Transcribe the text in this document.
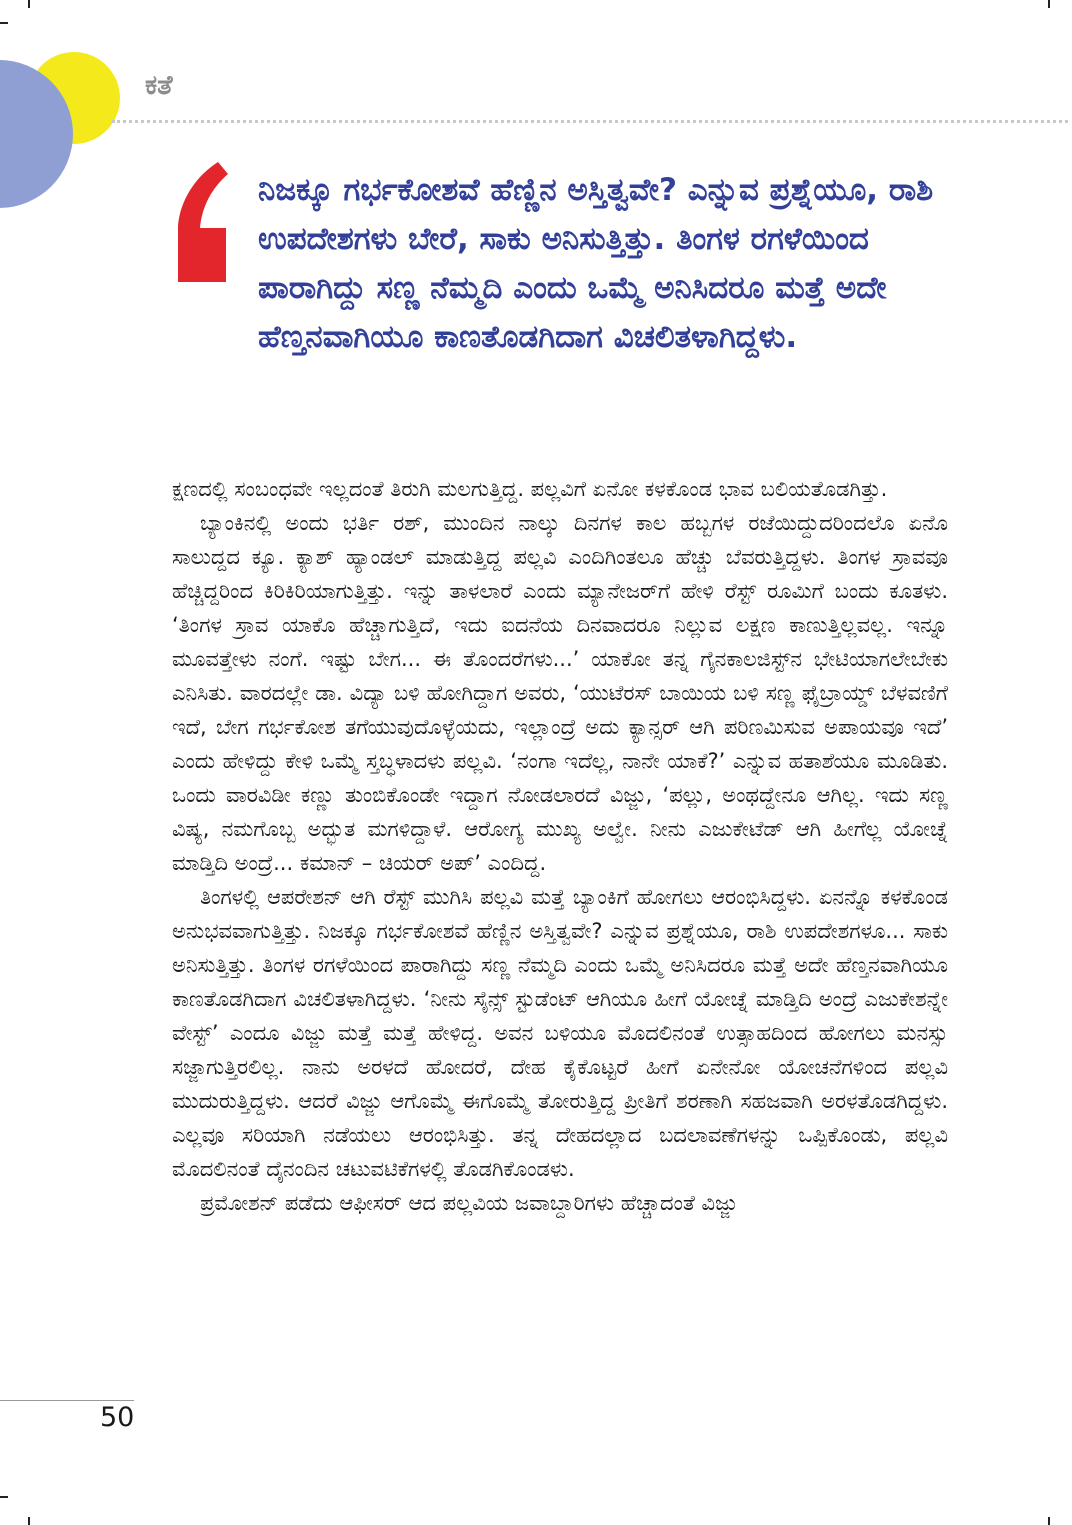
ಕತೆ
ನಿಜಕ್ಕೂ ಗರ್ಭಕೋಶವೆ ಹೆಣ್ಣಿನ ಅಸ್ತಿತ್ವವೇ? ಎನ್ನುವ ಪ್ರಶ್ನೆಯೂ, ರಾಶಿ ಉಪದೇಶಗಳು ಬೇರೆ, ಸಾಕು ಅನಿಸುತ್ತಿತ್ತು. ತಿಂಗಳ ರಗಳೆಯಿಂದ ಪಾರಾಗಿದ್ದು ಸಣ್ಣ ನೆಮ್ಮದಿ ಎಂದು ಒಮ್ಮೆ ಅನಿಸಿದರೂ ಮತ್ತೆ ಅದೇ ಹೆಣ್ತನವಾಗಿಯೂ ಕಾಣತೊಡಗಿದಾಗ ವಿಚಲಿತಳಾಗಿದ್ದಳು.

ಕ್ಷಣದಲ್ಲಿ ಸಂಬಂಧವೇ ಇಲ್ಲದಂತೆ ತಿರುಗಿ ಮಲಗುತ್ತಿದ್ದ. ಪಲ್ಲವಿಗೆ ಏನೋ ಕಳಕೊಂಡ ಭಾವ ಬಲಿಯತೊಡಗಿತ್ತು.

ಬ್ಯಾಂಕಿನಲ್ಲಿ ಅಂದು ಭರ್ತಿ ರಶ್, ಮುಂದಿನ ನಾಲ್ಕು ದಿನಗಳ ಕಾಲ ಹಬ್ಬಗಳ ರಜೆಯಿದ್ದುದರಿಂದಲೊ ಏನೊ ಸಾಲುದ್ದದ ಕ್ಯೂ. ಕ್ಯಾಶ್ ಹ್ಯಾಂಡಲ್ ಮಾಡುತ್ತಿದ್ದ ಪಲ್ಲವಿ ಎಂದಿಗಿಂತಲೂ ಹೆಚ್ಚು ಬೆವರುತ್ತಿದ್ದಳು. ತಿಂಗಳ ಸ್ರಾವವೂ ಹೆಚ್ಚಿದ್ದರಿಂದ ಕಿರಿಕಿರಿಯಾಗುತ್ತಿತ್ತು. ಇನ್ನು ತಾಳಲಾರೆ ಎಂದು ಮ್ಯಾನೇಜರ್‌ಗೆ ಹೇಳಿ ರೆಸ್ಟ್ ರೂಮಿಗೆ ಬಂದು ಕೂತಳು. ‘ತಿಂಗಳ ಸ್ರಾವ ಯಾಕೊ ಹೆಚ್ಚಾಗುತ್ತಿದೆ, ಇದು ಐದನೆಯ ದಿನವಾದರೂ ನಿಲ್ಲುವ ಲಕ್ಷಣ ಕಾಣುತ್ತಿಲ್ಲವಲ್ಲ. ಇನ್ನೂ ಮೂವತ್ತೇಳು ನಂಗೆ. ಇಷ್ಟು ಬೇಗ... ಈ ತೊಂದರೆಗಳು...’ ಯಾಕೋ ತನ್ನ ಗೈನಕಾಲಜಿಸ್ಟ್‌ನ ಭೇಟಿಯಾಗಲೇಬೇಕು ಎನಿಸಿತು. ವಾರದಲ್ಲೇ ಡಾ. ವಿದ್ಯಾ ಬಳಿ ಹೋಗಿದ್ದಾಗ ಅವರು, ‘ಯುಟೆರಸ್ ಬಾಯಿಯ ಬಳಿ ಸಣ್ಣ ಫೈಬ್ರಾಯ್ಡ್ ಬೆಳವಣಿಗೆ ಇದೆ, ಬೇಗ ಗರ್ಭಕೋಶ ತಗೆಯುವುದೊಳ್ಳೆಯದು, ಇಲ್ಲಾಂದ್ರೆ ಅದು ಕ್ಯಾನ್ಸರ್ ಆಗಿ ಪರಿಣಮಿಸುವ ಅಪಾಯವೂ ಇದೆ’ ಎಂದು ಹೇಳಿದ್ದು ಕೇಳಿ ಒಮ್ಮೆ ಸ್ತಬ್ಧಳಾದಳು ಪಲ್ಲವಿ. ‘ನಂಗಾ ಇದೆಲ್ಲ, ನಾನೇ ಯಾಕೆ?’ ಎನ್ನುವ ಹತಾಶೆಯೂ ಮೂಡಿತು. ಒಂದು ವಾರವಿಡೀ ಕಣ್ಣು ತುಂಬಿಕೊಂಡೇ ಇದ್ದಾಗ ನೋಡಲಾರದೆ ವಿಜ್ಜು, ‘ಪಲ್ಲು, ಅಂಥದ್ದೇನೂ ಆಗಿಲ್ಲ. ಇದು ಸಣ್ಣ ವಿಷ್ಯ, ನಮಗೊಬ್ಬ ಅದ್ಭುತ ಮಗಳಿದ್ದಾಳೆ. ಆರೋಗ್ಯ ಮುಖ್ಯ ಅಲ್ವೇ. ನೀನು ಎಜುಕೇಟೆಡ್ ಆಗಿ ಹೀಗೆಲ್ಲ ಯೋಚ್ನೆ ಮಾಡ್ತಿದಿ ಅಂದ್ರೆ... ಕಮಾನ್ – ಚಿಯರ್ ಅಪ್’ ಎಂದಿದ್ದ.

ತಿಂಗಳಲ್ಲಿ ಆಪರೇಶನ್ ಆಗಿ ರೆಸ್ಟ್ ಮುಗಿಸಿ ಪಲ್ಲವಿ ಮತ್ತೆ ಬ್ಯಾಂಕಿಗೆ ಹೋಗಲು ಆರಂಭಿಸಿದ್ದಳು. ಏನನ್ನೊ ಕಳಕೊಂಡ ಅನುಭವವಾಗುತ್ತಿತ್ತು. ನಿಜಕ್ಕೂ ಗರ್ಭಕೋಶವೆ ಹೆಣ್ಣಿನ ಅಸ್ತಿತ್ವವೇ? ಎನ್ನುವ ಪ್ರಶ್ನೆಯೂ, ರಾಶಿ ಉಪದೇಶಗಳೂ... ಸಾಕು ಅನಿಸುತ್ತಿತ್ತು. ತಿಂಗಳ ರಗಳೆಯಿಂದ ಪಾರಾಗಿದ್ದು ಸಣ್ಣ ನೆಮ್ಮದಿ ಎಂದು ಒಮ್ಮೆ ಅನಿಸಿದರೂ ಮತ್ತೆ ಅದೇ ಹೆಣ್ತನವಾಗಿಯೂ ಕಾಣತೊಡಗಿದಾಗ ವಿಚಲಿತಳಾಗಿದ್ದಳು. ‘ನೀನು ಸೈನ್ಸ್ ಸ್ಟುಡೆಂಟ್ ಆಗಿಯೂ ಹೀಗೆ ಯೋಚ್ನೆ ಮಾಡ್ತಿದಿ ಅಂದ್ರೆ ಎಜುಕೇಶನ್ನೇ ವೇಸ್ಟ್’ ಎಂದೂ ವಿಜ್ಜು ಮತ್ತೆ ಮತ್ತೆ ಹೇಳಿದ್ದ. ಅವನ ಬಳಿಯೂ ಮೊದಲಿನಂತೆ ಉತ್ಸಾಹದಿಂದ ಹೋಗಲು ಮನಸ್ಸು ಸಜ್ಜಾಗುತ್ತಿರಲಿಲ್ಲ. ನಾನು ಅರಳದೆ ಹೋದರೆ, ದೇಹ ಕೈಕೊಟ್ಟರೆ ಹೀಗೆ ಏನೇನೋ ಯೋಚನೆಗಳಿಂದ ಪಲ್ಲವಿ ಮುದುರುತ್ತಿದ್ದಳು. ಆದರೆ ವಿಜ್ಜು ಆಗೊಮ್ಮೆ ಈಗೊಮ್ಮೆ ತೋರುತ್ತಿದ್ದ ಪ್ರೀತಿಗೆ ಶರಣಾಗಿ ಸಹಜವಾಗಿ ಅರಳತೊಡಗಿದ್ದಳು. ಎಲ್ಲವೂ ಸರಿಯಾಗಿ ನಡೆಯಲು ಆರಂಭಿಸಿತ್ತು. ತನ್ನ ದೇಹದಲ್ಲಾದ ಬದಲಾವಣೆಗಳನ್ನು ಒಪ್ಪಿಕೊಂಡು, ಪಲ್ಲವಿ ಮೊದಲಿನಂತೆ ದೈನಂದಿನ ಚಟುವಟಿಕೆಗಳಲ್ಲಿ ತೊಡಗಿಕೊಂಡಳು.

ಪ್ರಮೋಶನ್ ಪಡೆದು ಆಫೀಸರ್ ಆದ ಪಲ್ಲವಿಯ ಜವಾಬ್ದಾರಿಗಳು ಹೆಚ್ಚಾದಂತೆ ವಿಜ್ಜು

50
